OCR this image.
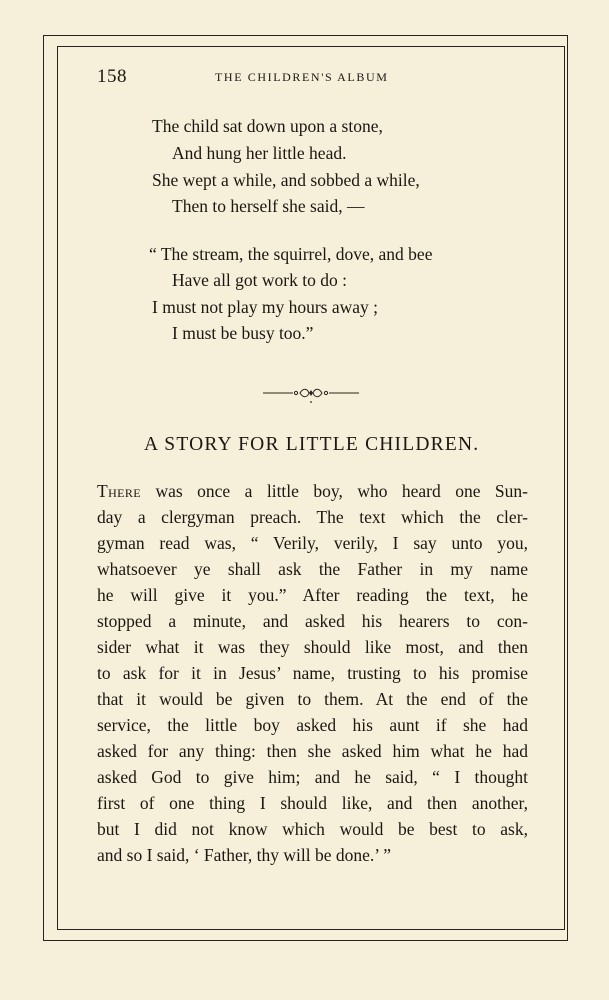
158	THE CHILDREN'S ALBUM
The child sat down upon a stone,
And hung her little head.
She wept a while, and sobbed a while,
Then to herself she said, —
“ The stream, the squirrel, dove, and bee
Have all got work to do :
I must not play my hours away ;
I must be busy too.”
A STORY FOR LITTLE CHILDREN.
There was once a little boy, who heard one Sun-
day a clergyman preach. The text which the cler-
gyman read was, “ Verily, verily, I say unto you,
whatsoever ye shall ask the Father in my name
he will give it you.” After reading the text, he
stopped a minute, and asked his hearers to con-
sider what it was they should like most, and then
to ask for it in Jesus’ name, trusting to his promise
that it would be given to them. At the end of the
service, the little boy asked his aunt if she had
asked for any thing: then she asked him what he had
asked God to give him; and he said, “ I thought
first of one thing I should like, and then another,
but I did not know which would be best to ask,
and so I said, ‘ Father, thy will be done.’ ”
